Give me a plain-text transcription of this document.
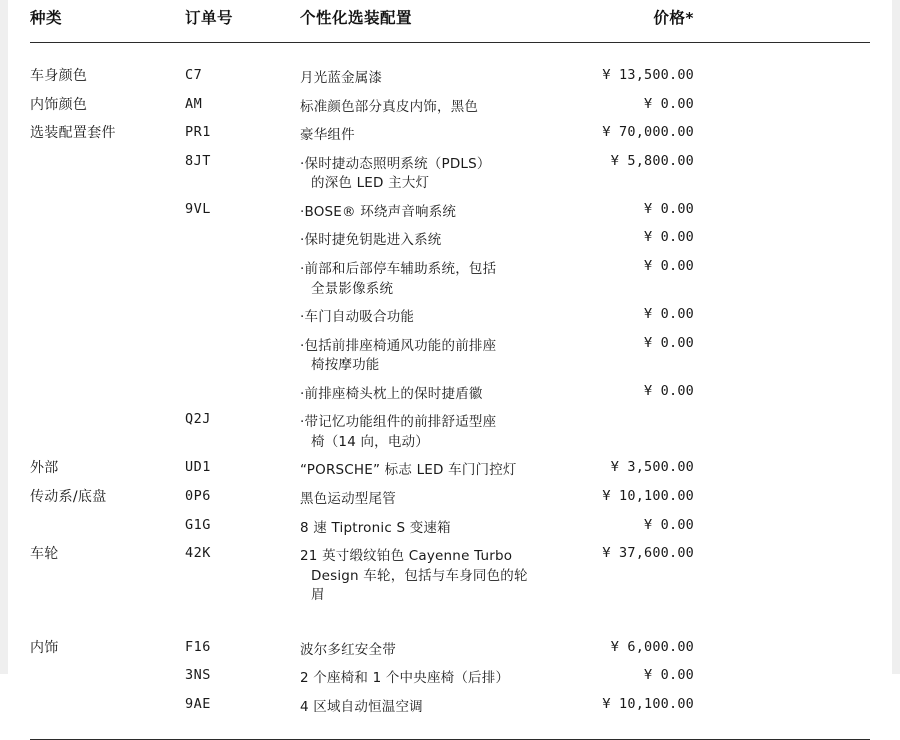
种类	订单号	个性化选装配置	价格*	

车身颜色	C7	月光蓝金属漆	¥ 13,500.00	
内饰颜色	AM	标准颜色部分真皮内饰，黑色	¥ 0.00	
选装配置套件	PR1	豪华组件	¥ 70,000.00	
	8JT	·保时捷动态照明系统（PDLS）
的深色 LED 主大灯	¥ 5,800.00	
	9VL	·BOSE® 环绕声音响系统	¥ 0.00	

		·保时捷免钥匙进入系统	¥ 0.00	

		·前部和后部停车辅助系统，包括
全景影像系统	¥ 0.00	

		·车门自动吸合功能	¥ 0.00	

		·包括前排座椅通风功能的前排座
椅按摩功能	¥ 0.00	

		·前排座椅头枕上的保时捷盾徽	¥ 0.00	
	Q2J	·带记忆功能组件的前排舒适型座
椅（14 向，电动）		

外部	UD1	“PORSCHE” 标志 LED 车门门控灯	¥ 3,500.00	
传动系/底盘	0P6	黑色运动型尾管	¥ 10,100.00	
	G1G	8 速 Tiptronic S 变速箱	¥ 0.00	
车轮	42K	21 英寸缎纹铂色 Cayenne Turbo
Design 车轮，包括与车身同色的轮
眉	¥ 37,600.00	

内饰	F16	波尔多红安全带	¥ 6,000.00	
	3NS	2 个座椅和 1 个中央座椅（后排）	¥ 0.00	
	9AE	4 区域自动恒温空调	¥ 10,100.00	
